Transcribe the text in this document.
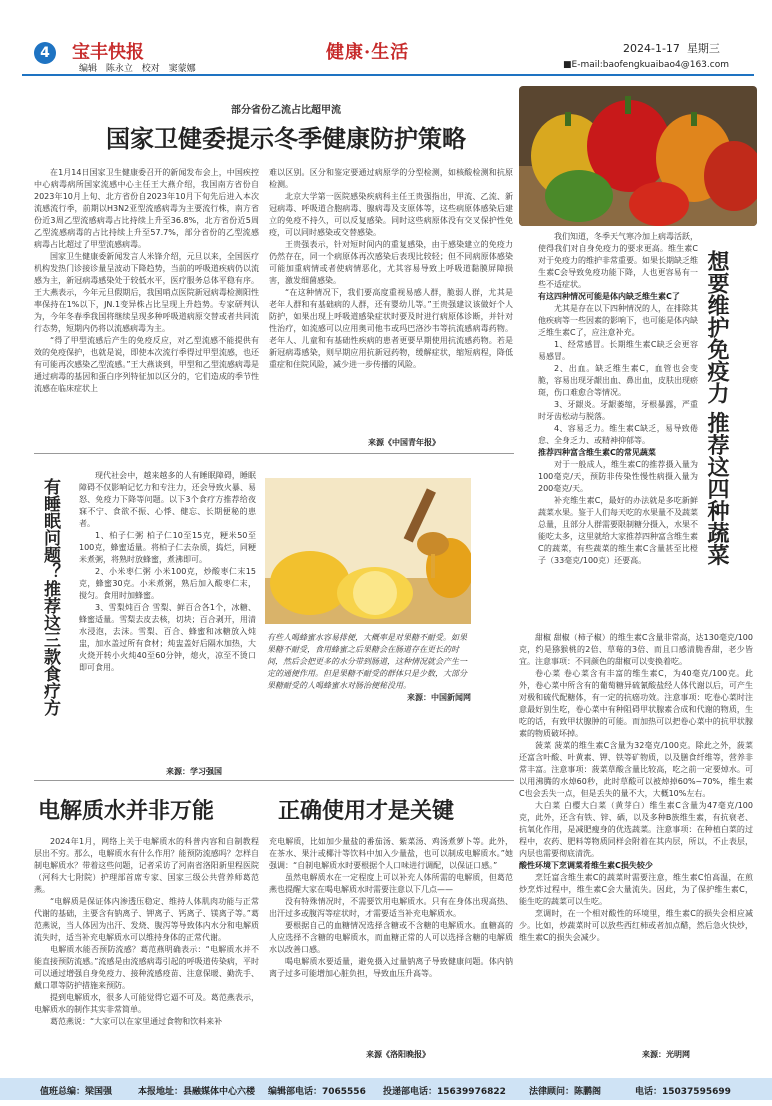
4	宝丰快报
编辑 陈永立 校对 窦蒙娜
健康·生活	2024-1-17 星期三
■E-mail:baofengkuaibao4@163.com
部分省份乙流占比超甲流
国家卫健委提示冬季健康防护策略
在1月14日国家卫生健康委召开的新闻发布会上，中国疾控中心病毒病所国家流感中心主任王大燕介绍，我国南方省份自2023年10月上旬、北方省份自2023年10月下旬先后进入本次流感流行季，前期以H3N2亚型流感病毒为主要流行株，南方省份近3周乙型流感病毒占比持续上升至36.8%，北方省份近5周乙型流感病毒的占比持续上升至57.7%，部分省份的乙型流感病毒占比超过了甲型流感病毒。
国家卫生健康委新闻发言人米锋介绍，元旦以来，全国医疗机构发热门诊接诊量呈波动下降趋势，当前的呼吸道疾病仍以流感为主，新冠病毒感染处于较低水平，医疗服务总体平稳有序。王大燕表示，今年元旦假期后，我国哨点医院新冠病毒检测阳性率保持在1%以下，JN.1变异株占比呈现上升趋势。专家研判认为，今年冬春季我国将继续呈现多种呼吸道病原交替或者共同流行态势，短期内仍将以流感病毒为主。
“得了甲型流感后产生的免疫反应，对乙型流感不能提供有效的免疫保护，也就是说，即使本次流行季得过甲型流感，也还有可能再次感染乙型流感。”王大燕谈到，甲型和乙型流感病毒是通过病毒的基因和蛋白序列特征加以区分的，它们造成的季节性流感在临床症状上
难以区别。区分和鉴定要通过病原学的分型检测，如核酸检测和抗原检测。
北京大学第一医院感染疾病科主任王贵强指出，甲流、乙流、新冠病毒、呼吸道合胞病毒、腺病毒及支原体等，这些病原体感染后建立的免疫不持久，可以反复感染。同时这些病原体没有交叉保护性免疫，可以同时感染或交替感染。
王贵强表示，针对短时间内的重复感染，由于感染建立的免疫力仍然存在，同一个病原体再次感染后表现比较轻；但不同病原体感染可能加重病情或者使病情恶化，尤其容易导致上呼吸道黏膜屏障损害，激发细菌感染。
“在这种情况下，我们要高度重视易感人群，脆弱人群，尤其是老年人群和有基础病的人群，还有婴幼儿等。”王贵强建议该做好个人防护，如果出现上呼吸道感染症状时要及时进行病原体诊断，并针对性治疗，如流感可以应用奥司他韦或玛巴洛沙韦等抗流感病毒药物。老年人、儿童和有基础性疾病的患者更要早期使用抗流感药物。若是新冠病毒感染，则早期应用抗新冠药物，缓解症状，缩短病程，降低重症和住院风险，减少进一步传播的风险。
来源《中国青年报》	想要维护免疫力 推荐这四种蔬菜
我们知道，冬季天气寒冷加上病毒活跃，使得我们对自身免疫力的要求更高。维生素C对于免疫力的维护非常重要。如果长期缺乏维生素C会导致免疫功能下降，人也更容易有一些不适症状。
有这四种情况可能是体内缺乏维生素C了
尤其是存在以下四种情况的人，在排除其他疾病等一些因素的影响下，也可能是体内缺乏维生素C了，应注意补充。
1、经常感冒。长期维生素C缺乏会更容易感冒。
2、出血。缺乏维生素C，血管也会变脆，容易出现牙龈出血、鼻出血，皮肤出现瘀斑，伤口难愈合等情况。
3、牙龈炎。牙龈萎缩，牙根暴露，严重时牙齿松动与脱落。
4、容易乏力。维生素C缺乏，易导致倦怠、全身乏力、或精神抑郁等。
推荐四种富含维生素C的常见蔬菜
对于一般成人，维生素C的推荐摄入量为100毫克/天，预防非传染性慢性病摄入量为200毫克/天。
补充维生素C，最好的办法就是多吃新鲜蔬菜水果。鉴于人们每天吃的水果量不及蔬菜总量，且部分人群需要限制糖分摄入，水果不能吃太多，这里就给大家推荐四种富含维生素C的蔬菜，有些蔬菜的维生素C含量甚至比橙子（33毫克/100克）还要高。
甜椒 甜椒（柿子椒）的维生素C含量非常高，达130毫克/100克，约是猕猴桃的2倍、草莓的3倍、而且口感清脆香甜，老少皆宜。注意事项：不同颜色的甜椒可以变换着吃。
卷心菜 卷心菜含有丰富的维生素C，为40毫克/100克。此外，卷心菜中所含有的葡萄糖异硫氰酸盐经人体代谢以后，可产生对极和硫代配糖体，有一定的抗癌功效。注意事项：吃卷心菜时注意最好别生吃，卷心菜中有种阻碍甲状腺素合成和代谢的物质，生吃的话，有致甲状腺肿的可能。而加热可以把卷心菜中的抗甲状腺素的物质破坏掉。
菠菜 菠菜的维生素C含量为32毫克/100克。除此之外，菠菜还富含叶酸、叶黄素、钾、铁等矿物质，以及膳食纤维等，营养非常丰富。注意事项：菠菜草酸含量比较高，吃之前一定要焯水。可以用沸腾的水焯60秒，此时草酸可以被焯掉60%~70%，维生素C也会丢失一点，但是丢失的量不大，大概10%左右。
大白菜 白樱大白菜（黄芽白）维生素C含量为47毫克/100克，此外，还含有铁、锌、硒，以及多种B族维生素，有抗衰老、抗氧化作用，是减肥瘦身的优选蔬菜。注意事项：在种植白菜的过程中，农药、肥料等物质同样会附着在其内层，所以，不止表层，内层也需要彻底清洗。
酸性环境下烹调菜肴维生素C损失较少
烹饪富含维生素C的蔬菜时需要注意，维生素C怕高温，在煎炒烹炸过程中，维生素C会大量流失。因此，为了保护维生素C，能生吃的蔬菜可以生吃。
烹调时，在一个相对酸性的环境里，维生素C的损失会相应减少。比如，炒蔬菜时可以放些西红柿或者加点醋，然后急火快炒，维生素C的损失会减少。
来源：光明网
有睡眠问题？推荐这三款食疗方
现代社会中，越来越多的人有睡眠障碍，睡眠障碍不仅影响记忆力和专注力，还会导致火暴、易怒、免疫力下降等问题。以下3个食疗方推荐给夜寐不宁、食欲不振、心悸、健忘、长期便秘的患者。
1、柏子仁粥 柏子仁10至15克，粳米50至100克，蜂蜜适量。将柏子仁去杂质，捣烂，同粳米煮粥，将熟时放蜂蜜，煮沸即可。
2、小米枣仁粥 小米100克，炒酸枣仁末15克，蜂蜜30克。小米煮粥，熟后加入酸枣仁末，搅匀。食用时加蜂蜜。
3、雪梨炖百合 雪梨、鲜百合各1个，冰糖、蜂蜜适量。雪梨去皮去核，切块；百合剥开，用清水浸泡，去沫。雪梨、百合、蜂蜜和冰糖放入炖盅，加水盖过所有食材；炖盅盖好后隔水加热，大火烧开转小火炖40至60分钟，熄火，凉至不烫口即可食用。
来源：学习强国
有些人喝蜂蜜水容易排便，大概率是对果糖不耐受。如果果糖不耐受，食用蜂蜜之后果糖会在肠道存在更长的时间，然后会把更多的水分带到肠道，这种情况就会产生一定的通便作用。但是果糖不耐受的群体只是少数，大部分果糖耐受的人喝蜂蜜水对肠治便秘没用。
来源：中国新闻网
电解质水并非万能	正确使用才是关键
2024年1月，网络上关于电解质水的科普内容和自制教程层出不穷。那么，电解质水有什么作用？能预防流感吗？怎样自制电解质水？带着这些问题，记者采访了河南省洛阳新里程医院（河科大七附院）护理部首席专家、国家三级公共营养师葛范燕。
“电解质是保证体内渗透压稳定、维持人体肌肉功能与正常代谢的基础，主要含有钠离子、钾离子、钙离子、镁离子等。”葛范燕说，当人体因为出汗、发烧、腹泻等导致体内水分和电解质流失时，适当补充电解质水可以维持身体的正常代谢。
电解质水能否预防流感？葛范燕明确表示：“电解质水并不能直接预防流感。”流感是由流感病毒引起的呼吸道传染病，平时可以通过增强自身免疫力、接种流感疫苗、注意保暖、勤洗手、戴口罩等防护措施来预防。
提到电解质水，很多人可能觉得它逼不可及。葛范燕表示，电解质水的制作其实非常简单。
葛范燕说：“大家可以在家里通过食物和饮料来补
充电解质，比如加少量盐的番茄汤、紫菜汤、鸡汤煮萝卜等。此外，在茶水、果汁或椰汁等饮料中加入少量盐，也可以制成电解质水。”她强调：“自制电解质水时要根据个人口味进行调配，以保证口感。”
虽然电解质水在一定程度上可以补充人体所需的电解质，但葛范燕也提醒大家在喝电解质水时需要注意以下几点——
没有特殊情况时，不需要饮用电解质水。只有在身体出现高热、出汗过多或腹泻等症状时，才需要适当补充电解质水。
要根据自己的血糖情况选择含糖或不含糖的电解质水。血糖高的人应选择不含糖的电解质水，而血糖正常的人可以选择含糖的电解质水以改善口感。
喝电解质水要适量，避免摄入过量钠离子导致健康问题。体内钠离子过多可能增加心脏负担，导致血压升高等。
来源《洛阳晚报》
值班总编：梁国强	本报地址：县融媒体中心六楼 编辑部电话：7065556 投递部电话：15639976822	法律顾问：陈鹏阁	电话：15037595699
